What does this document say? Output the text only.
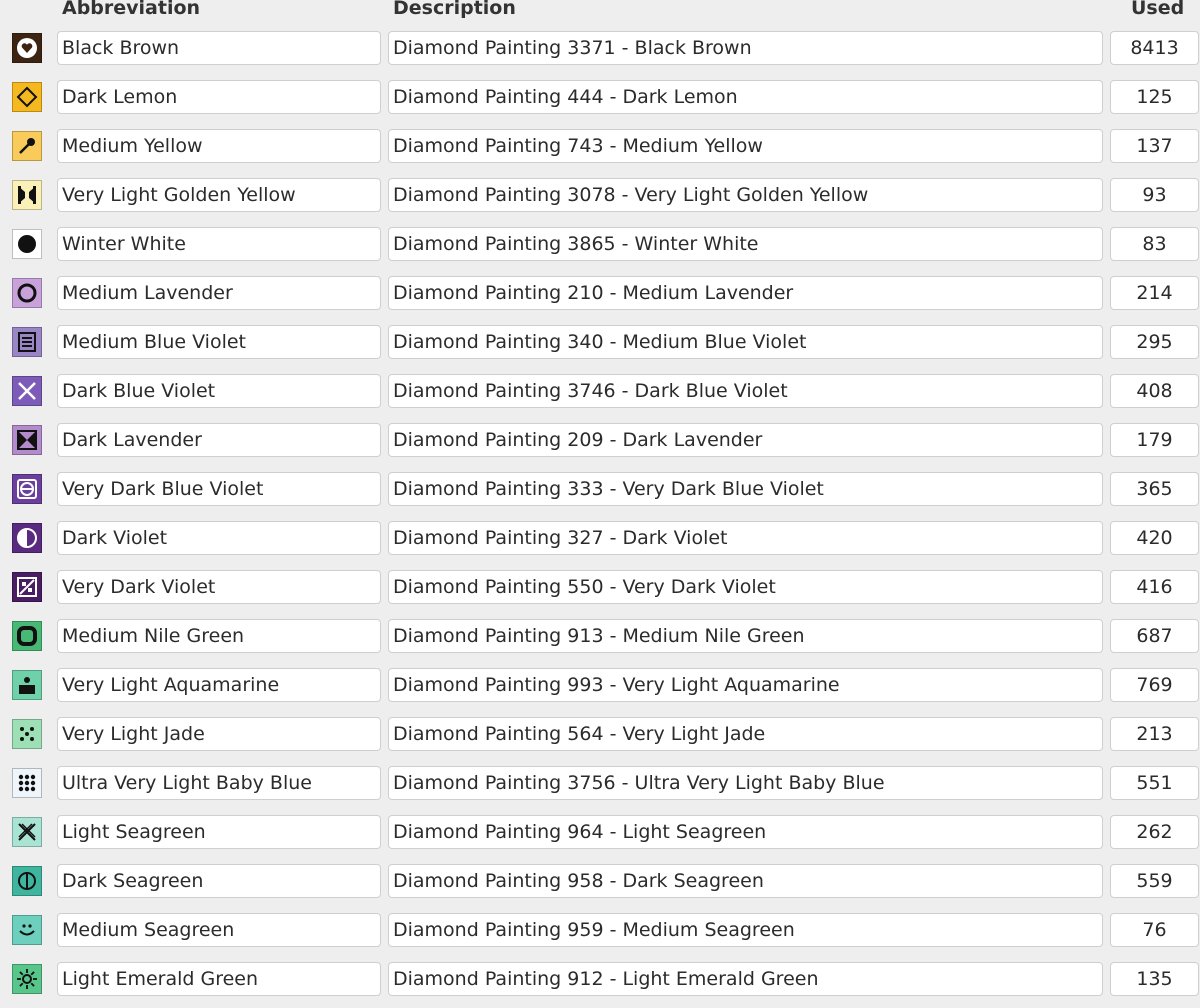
Abbreviation	Description	Used
Black Brown	Diamond Painting 3371 - Black Brown	8413
Dark Lemon	Diamond Painting 444 - Dark Lemon	125
Medium Yellow	Diamond Painting 743 - Medium Yellow	137
Very Light Golden Yellow	Diamond Painting 3078 - Very Light Golden Yellow	93
Winter White	Diamond Painting 3865 - Winter White	83
Medium Lavender	Diamond Painting 210 - Medium Lavender	214
Medium Blue Violet	Diamond Painting 340 - Medium Blue Violet	295
Dark Blue Violet	Diamond Painting 3746 - Dark Blue Violet	408
Dark Lavender	Diamond Painting 209 - Dark Lavender	179
Very Dark Blue Violet	Diamond Painting 333 - Very Dark Blue Violet	365
Dark Violet	Diamond Painting 327 - Dark Violet	420
Very Dark Violet	Diamond Painting 550 - Very Dark Violet	416
Medium Nile Green	Diamond Painting 913 - Medium Nile Green	687
Very Light Aquamarine	Diamond Painting 993 - Very Light Aquamarine	769
Very Light Jade	Diamond Painting 564 - Very Light Jade	213
Ultra Very Light Baby Blue	Diamond Painting 3756 - Ultra Very Light Baby Blue	551
Light Seagreen	Diamond Painting 964 - Light Seagreen	262
Dark Seagreen	Diamond Painting 958 - Dark Seagreen	559
Medium Seagreen	Diamond Painting 959 - Medium Seagreen	76
Light Emerald Green	Diamond Painting 912 - Light Emerald Green	135
